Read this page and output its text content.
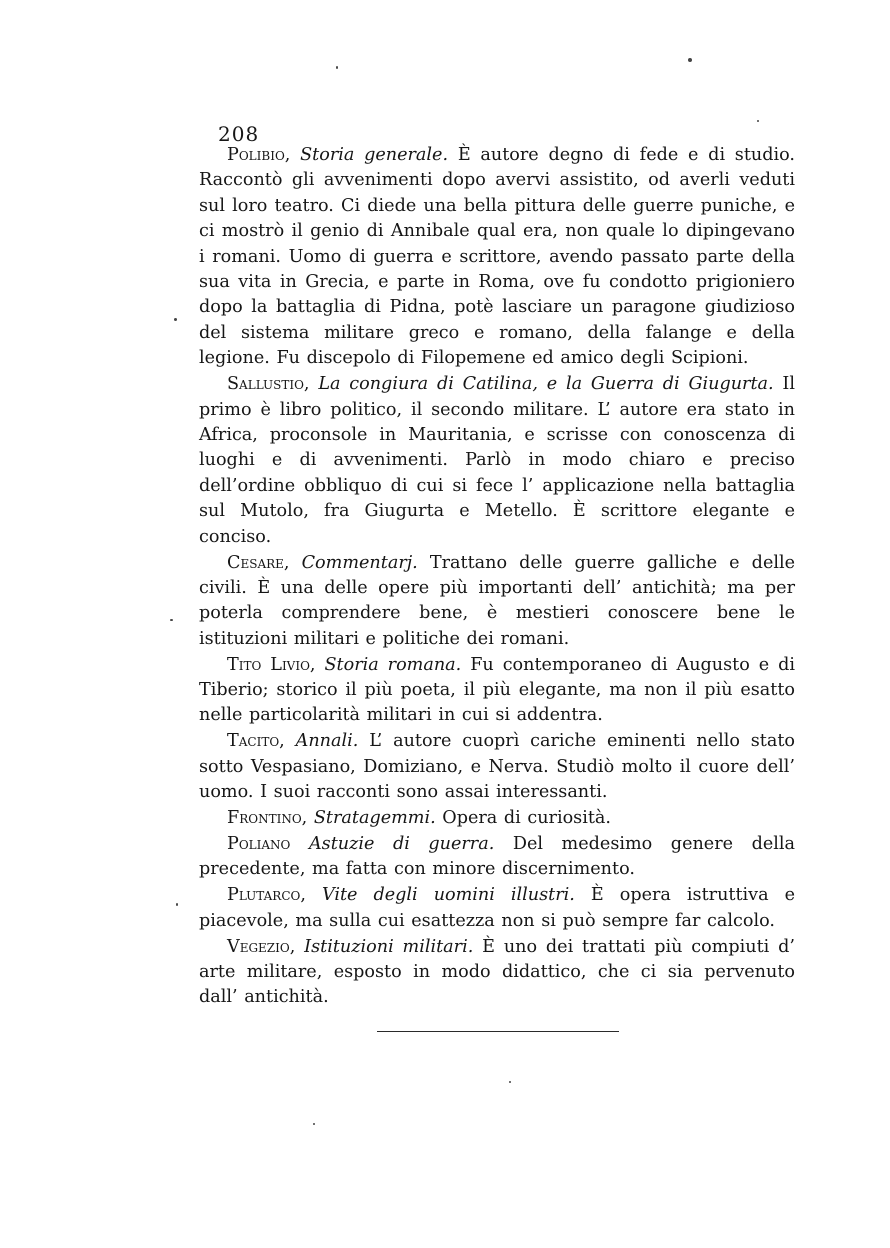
208

Polibio, Storia generale. È autore degno di fede e di studio. Raccontò gli avvenimenti dopo avervi assistito, od averli veduti sul loro teatro. Ci diede una bella pittura delle guerre puniche, e ci mostrò il genio di Annibale qual era, non quale lo dipingevano i romani. Uomo di guerra e scrittore, avendo passato parte della sua vita in Grecia, e parte in Roma, ove fu condotto prigioniero dopo la battaglia di Pidna, potè lasciare un paragone giudizioso del sistema militare greco e romano, della falange e della legione. Fu discepolo di Filopemene ed amico degli Scipioni.

Sallustio, La congiura di Catilina, e la Guerra di Giugurta. Il primo è libro politico, il secondo militare. L’ autore era stato in Africa, proconsole in Mauritania, e scrisse con conoscenza di luoghi e di avvenimenti. Parlò in modo chiaro e preciso dell’ordine obbliquo di cui si fece l’ applicazione nella battaglia sul Mutolo, fra Giugurta e Metello. È scrittore elegante e conciso.

Cesare, Commentarj. Trattano delle guerre galliche e delle civili. È una delle opere più importanti dell’ antichità; ma per poterla comprendere bene, è mestieri conoscere bene le istituzioni militari e politiche dei romani.

Tito Livio, Storia romana. Fu contemporaneo di Augusto e di Tiberio; storico il più poeta, il più elegante, ma non il più esatto nelle particolarità militari in cui si addentra.

Tacito, Annali. L’ autore cuoprì cariche eminenti nello stato sotto Vespasiano, Domiziano, e Nerva. Studiò molto il cuore dell’ uomo. I suoi racconti sono assai interessanti.

Frontino, Stratagemmi. Opera di curiosità.

Poliano Astuzie di guerra. Del medesimo genere della precedente, ma fatta con minore discernimento.

Plutarco, Vite degli uomini illustri. È opera istruttiva e piacevole, ma sulla cui esattezza non si può sempre far calcolo.

Vegezio, Istituzioni militari. È uno dei trattati più compiuti d’ arte militare, esposto in modo didattico, che ci sia pervenuto dall’ antichità.
